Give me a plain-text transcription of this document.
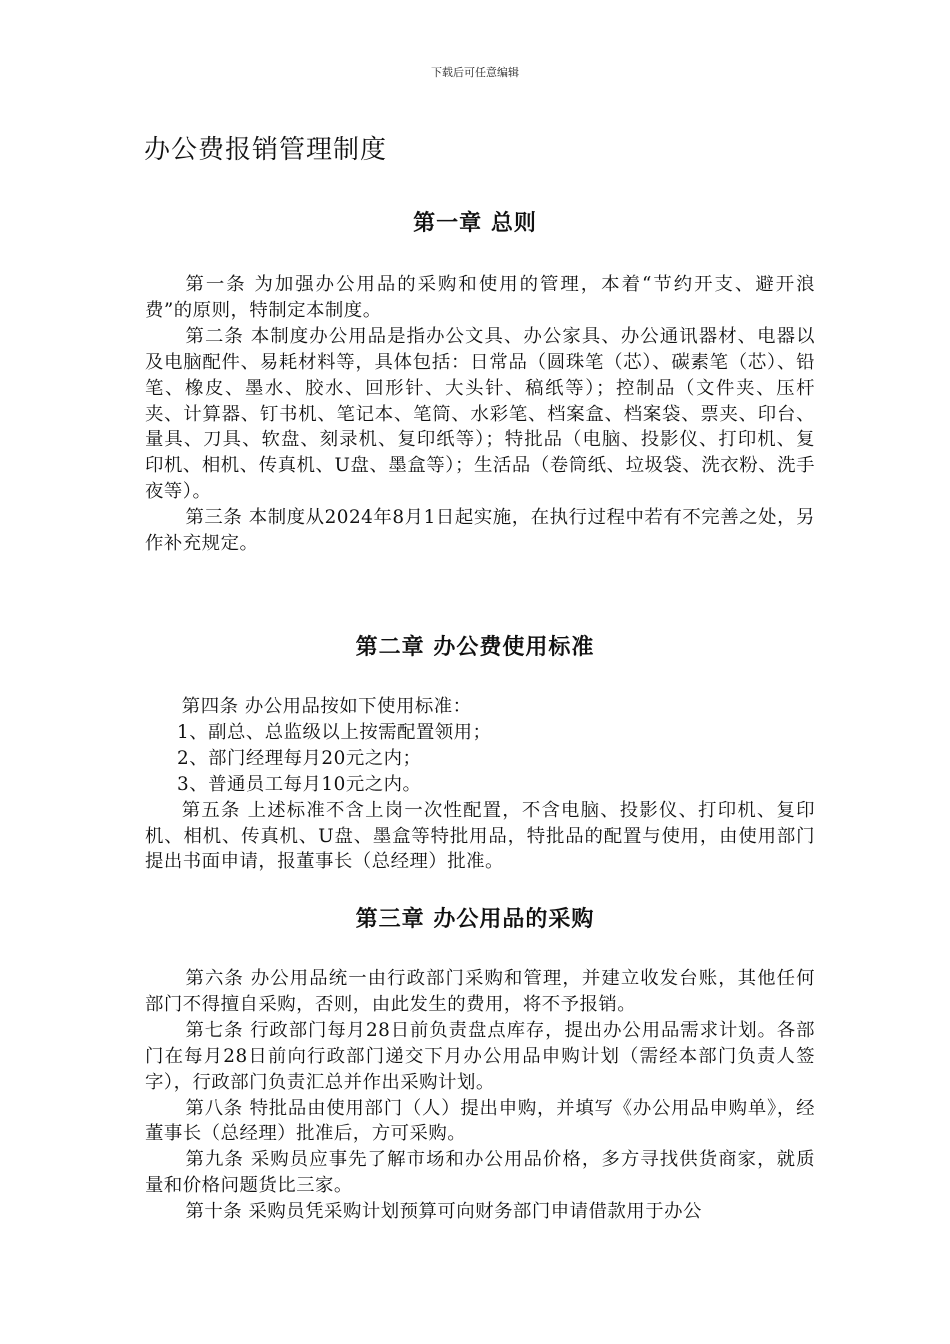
下载后可任意编辑
办公费报销管理制度
第一章 总则

第一条 为加强办公用品的采购和使用的管理，本着“节约开支、避开浪费”的原则，特制定本制度。

第二条 本制度办公用品是指办公文具、办公家具、办公通讯器材、电器以及电脑配件、易耗材料等，具体包括：日常品（圆珠笔（芯）、碳素笔（芯）、铅笔、橡皮、墨水、胶水、回形针、大头针、稿纸等）；控制品（文件夹、压杆夹、计算器、钉书机、笔记本、笔筒、水彩笔、档案盒、档案袋、票夹、印台、量具、刀具、软盘、刻录机、复印纸等）；特批品（电脑、投影仪、打印机、复印机、相机、传真机、U盘、墨盒等）；生活品（卷筒纸、垃圾袋、洗衣粉、洗手夜等）。

第三条 本制度从2024年8月1日起实施，在执行过程中若有不完善之处，另作补充规定。

第二章 办公费使用标准

第四条 办公用品按如下使用标准：

1、副总、总监级以上按需配置领用；

2、部门经理每月20元之内；

3、普通员工每月10元之内。

第五条 上述标准不含上岗一次性配置，不含电脑、投影仪、打印机、复印机、相机、传真机、U盘、墨盒等特批用品，特批品的配置与使用，由使用部门提出书面申请，报董事长（总经理）批准。

第三章 办公用品的采购

第六条 办公用品统一由行政部门采购和管理，并建立收发台账，其他任何部门不得擅自采购，否则，由此发生的费用，将不予报销。

第七条 行政部门每月28日前负责盘点库存，提出办公用品需求计划。各部门在每月28日前向行政部门递交下月办公用品申购计划（需经本部门负责人签字），行政部门负责汇总并作出采购计划。

第八条 特批品由使用部门（人）提出申购，并填写《办公用品申购单》，经董事长（总经理）批准后，方可采购。

第九条 采购员应事先了解市场和办公用品价格，多方寻找供货商家，就质量和价格问题货比三家。

第十条 采购员凭采购计划预算可向财务部门申请借款用于办公
